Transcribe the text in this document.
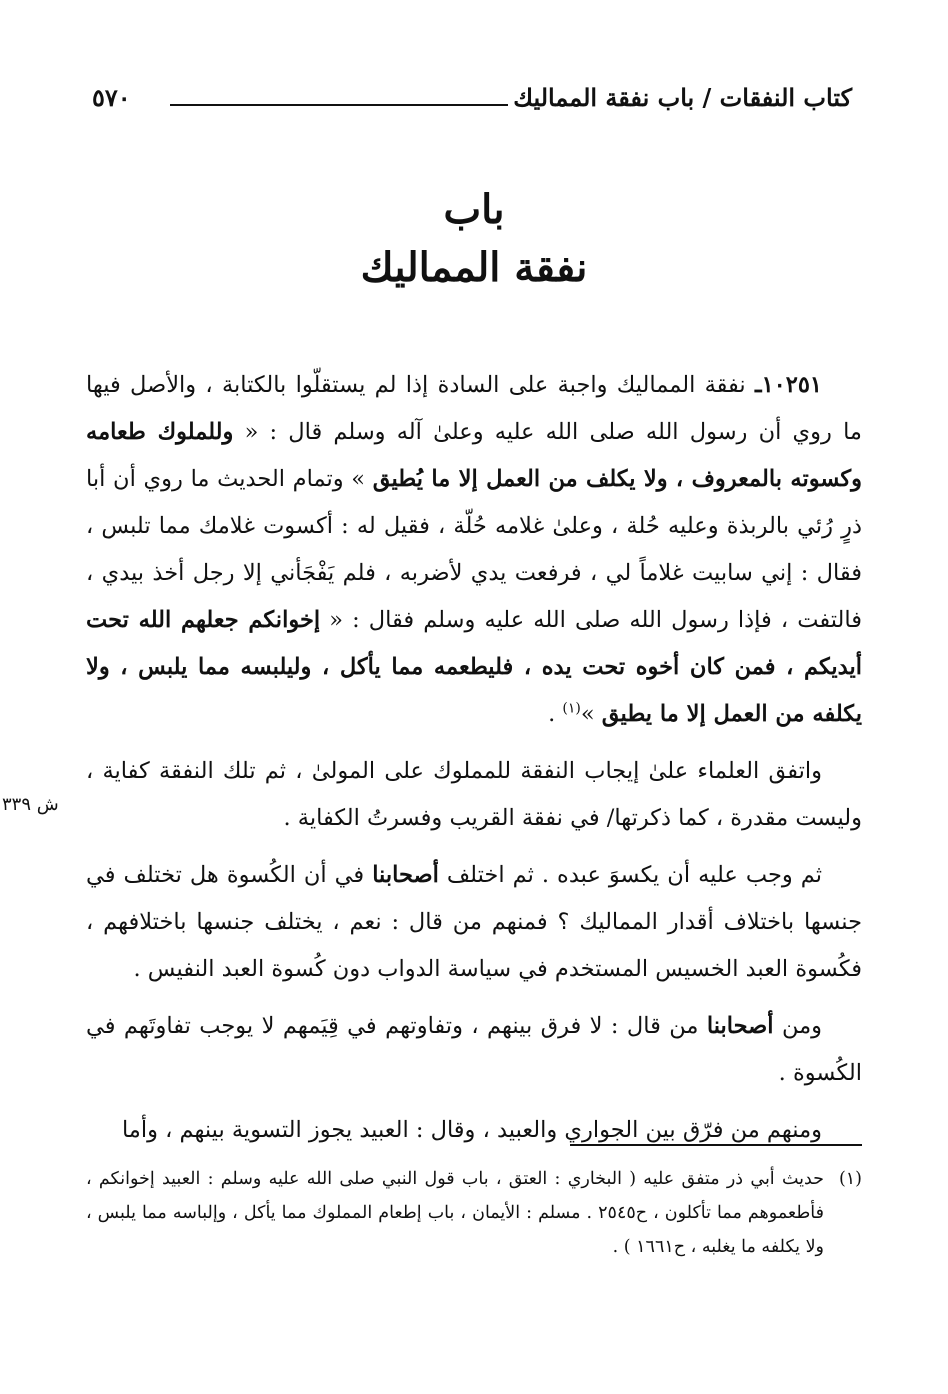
كتاب النفقات / باب نفقة المماليك
٥٧٠
باب
نفقة المماليك

١٠٢٥١ـ نفقة المماليك واجبة على السادة إذا لم يستقلّوا بالكتابة ، والأصل فيها ما روي أن رسول الله صلى الله عليه وعلىٰ آله وسلم قال : « وللملوك طعامه وكسوته بالمعروف ، ولا يكلف من العمل إلا ما يُطيق » وتمام الحديث ما روي أن أبا ذرٍ رُئي بالربذة وعليه حُلة ، وعلىٰ غلامه حُلّة ، فقيل له : أكسوت غلامك مما تلبس ، فقال : إني سابيت غلاماً لي ، فرفعت يدي لأضربه ، فلم يَفْجَأني إلا رجل أخذ بيدي ، فالتفت ، فإذا رسول الله صلى الله عليه وسلم فقال : « إخوانكم جعلهم الله تحت أيديكم ، فمن كان أخوه تحت يده ، فليطعمه مما يأكل ، وليلبسه مما يلبس ، ولا يكلفه من العمل إلا ما يطيق »$^{(١)}$ .

واتفق العلماء علىٰ إيجاب النفقة للمملوك على المولىٰ ، ثم تلك النفقة كفاية ، وليست مقدرة ، كما ذكرتها/ في نفقة القريب وفسرتُ الكفاية .

ثم وجب عليه أن يكسوَ عبده . ثم اختلف أصحابنا في أن الكُسوة هل تختلف في جنسها باختلاف أقدار المماليك ؟ فمنهم من قال : نعم ، يختلف جنسها باختلافهم ، فكُسوة العبد الخسيس المستخدم في سياسة الدواب دون كُسوة العبد النفيس .

ومن أصحابنا من قال : لا فرق بينهم ، وتفاوتهم في قِيَمهم لا يوجب تفاوتَهم في الكُسوة .

ومنهم من فرّق بين الجواري والعبيد ، وقال : العبيد يجوز التسوية بينهم ، وأما

ش ٣٣٩

(١)
حديث أبي ذر متفق عليه ( البخاري : العتق ، باب قول النبي صلى الله عليه وسلم : العبيد إخوانكم ، فأطعموهم مما تأكلون ، ح٢٥٤٥ . مسلم : الأيمان ، باب إطعام المملوك مما يأكل ، وإلباسه مما يلبس ، ولا يكلفه ما يغلبه ، ح١٦٦١ ) .
